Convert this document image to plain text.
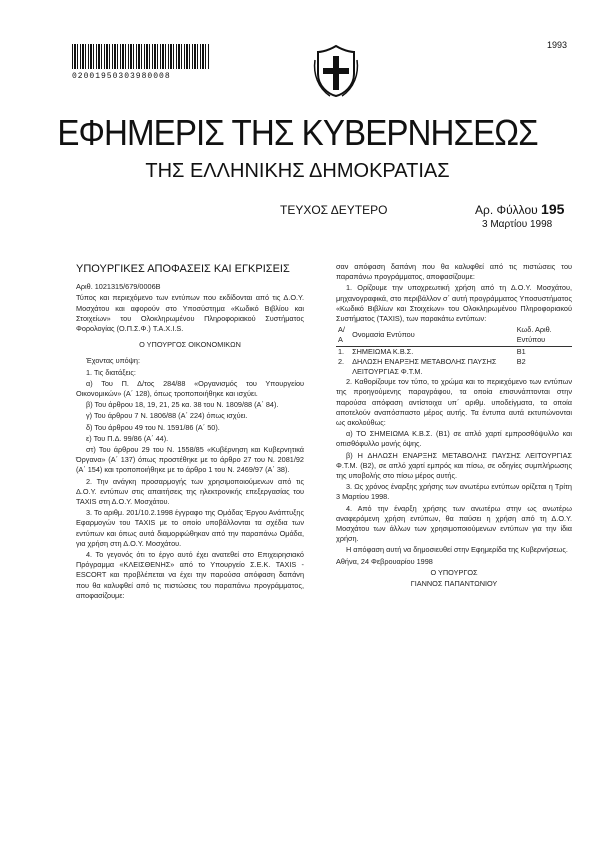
02001950303980008
1993
ΕΦΗΜΕΡΙΣ ΤΗΣ ΚΥΒΕΡΝΗΣΕΩΣ
ΤΗΣ ΕΛΛΗΝΙΚΗΣ ΔΗΜΟΚΡΑΤΙΑΣ
ΤΕΥΧΟΣ ΔΕΥΤΕΡΟ	Αρ. Φύλλου 195
3 Μαρτίου 1998

ΥΠΟΥΡΓΙΚΕΣ ΑΠΟΦΑΣΕΙΣ ΚΑΙ ΕΓΚΡΙΣΕΙΣ

Αριθ. 1021315/679/0006Β

Τύπος και περιεχόμενο των εντύπων που εκδίδονται από τις Δ.Ο.Υ. Μοσχάτου και αφορούν στο Υποσύστημα «Κωδικό Βιβλίου και Στοιχείων» του Ολοκληρωμένου Πληροφοριακού Συστήματος Φορολογίας (Ο.Π.Σ.Φ.) T.A.X.I.S.

Ο ΥΠΟΥΡΓΟΣ ΟΙΚΟΝΟΜΙΚΩΝ

Έχοντας υπόψη:

1. Τις διατάξεις:

α) Του Π. Δ/τος 284/88 «Οργανισμός του Υπουργείου Οικονομικών» (Α΄ 128), όπως τροποποιήθηκε και ισχύει.

β) Του άρθρου 18, 19, 21, 25 κα. 38 του Ν. 1809/88 (Α΄ 84).

γ) Του άρθρου 7 Ν. 1806/88 (Α΄ 224) όπως ισχύει.

δ) Του άρθρου 49 του Ν. 1591/86 (Α΄ 50).

ε) Του Π.Δ. 99/86 (Α΄ 44).

στ) Του άρθρου 29 του Ν. 1558/85 «Κυβέρνηση και Κυβερνητικά Όργανα» (Α΄ 137) όπως προστέθηκε με το άρθρο 27 του Ν. 2081/92 (Α΄ 154) και τροποποιήθηκε με το άρθρο 1 του Ν. 2469/97 (Α΄ 38).

2. Την ανάγκη προσαρμογής των χρησιμοποιούμενων από τις Δ.Ο.Υ. εντύπων στις απαιτήσεις της ηλεκτρονικής επεξεργασίας του TAXIS στη Δ.Ο.Υ. Μοσχάτου.

3. Το αριθμ. 201/10.2.1998 έγγραφο της Ομάδας Έργου Ανάπτυξης Εφαρμογών του TAXIS με το οποίο υποβάλλονται τα σχέδια των εντύπων και όπως αυτά διαμορφώθηκαν από την παραπάνω Ομάδα, για χρήση στη Δ.Ο.Υ. Μοσχάτου.

4. Το γεγονός ότι το έργο αυτό έχει ανατεθεί στο Επιχειρησιακό Πρόγραμμα «ΚΛΕΙΣΘΕΝΗΣ» από το Υπουργείο Σ.Ε.Κ. TAXIS - ESCORT και προβλέπεται να έχει την παρούσα απόφαση δαπάνη που θα καλυφθεί από τις πιστώσεις του παραπάνω προγράμματος, αποφασίζουμε:

σαν απόφαση δαπάνη που θα καλυφθεί από τις πιστώσεις του παραπάνω προγράμματος, αποφασίζουμε:

1. Ορίζουμε την υποχρεωτική χρήση από τη Δ.Ο.Υ. Μοσχάτου, μηχανογραφικά, στο περιβάλλον σ΄ αυτή προγράμματος Υποσυστήματος «Κωδικό Βιβλίων και Στοιχείων» του Ολοκληρωμένου Πληροφοριακού Συστήματος (TAXIS), των παρακάτω εντύπων:

Α/Α	Ονομασία Εντύπου	Κωδ. Αριθ. Εντύπου
1.	ΣΗΜΕΙΩΜΑ Κ.Β.Σ.	Β1
2.	ΔΗΛΩΣΗ ΕΝΑΡΞΗΣ ΜΕΤΑΒΟΛΗΣ ΠΑΥΣΗΣ ΛΕΙΤΟΥΡΓΙΑΣ Φ.Τ.Μ.	Β2

2. Καθορίζουμε τον τύπο, το χρώμα και το περιεχόμενο των εντύπων της προηγούμενης παραγράφου, τα οποία επισυνάπτονται στην παρούσα απόφαση αντίστοιχα υπ΄ αριθμ. υποδείγματα, τα οποία αποτελούν αναπόσπαστο μέρος αυτής. Τα έντυπα αυτά εκτυπώνονται ως ακολούθως:

α) ΤΟ ΣΗΜΕΙΩΜΑ Κ.Β.Σ. (Β1) σε απλό χαρτί εμπροσθόψυλλο και οπισθόφυλλο μονής όψης.

β) Η ΔΗΛΩΣΗ ΕΝΑΡΞΗΣ ΜΕΤΑΒΟΛΗΣ ΠΑΥΣΗΣ ΛΕΙΤΟΥΡΓΙΑΣ Φ.Τ.Μ. (Β2), σε απλό χαρτί εμπρός και πίσω, σε οδηγίες συμπλήρωσης της υποβολής στο πίσω μέρος αυτής.

3. Ως χρόνος έναρξης χρήσης των ανωτέρω εντύπων ορίζεται η Τρίτη 3 Μαρτίου 1998.

4. Από την έναρξη χρήσης των ανωτέρω στην ως ανωτέρω αναφερόμενη χρήση εντύπων, θα παύσει η χρήση από τη Δ.Ο.Υ. Μοσχάτου των άλλων των χρησιμοποιούμενων εντύπων για την ίδια χρήση.

Η απόφαση αυτή να δημοσιευθεί στην Εφημερίδα της Κυβερνήσεως.

Αθήνα, 24 Φεβρουαρίου 1998

Ο ΥΠΟΥΡΓΟΣ

ΓΙΑΝΝΟΣ ΠΑΠΑΝΤΩΝΙΟΥ
